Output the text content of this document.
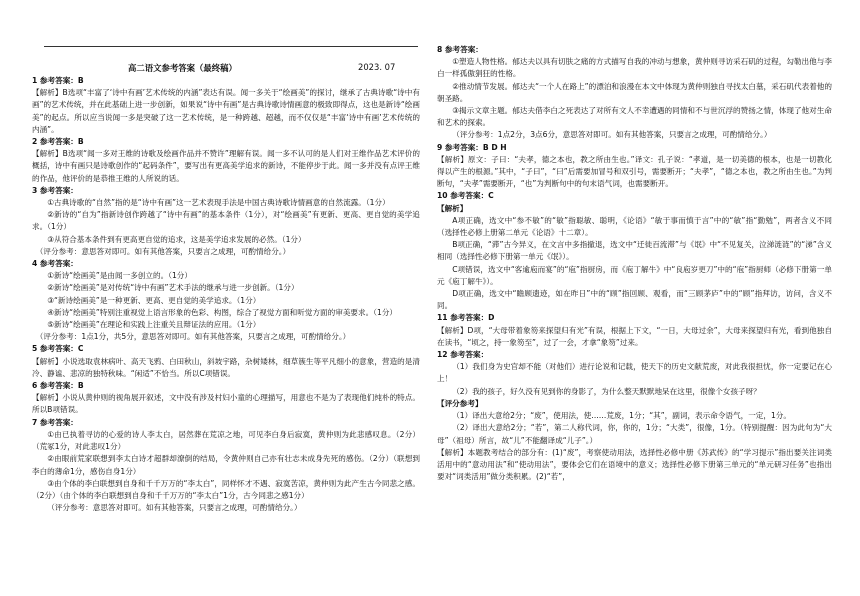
高二语文参考答案（最终稿）	2023. 07

1 参考答案：B

【解析】B选项“丰富了‘诗中有画’艺术传统的内涵”表达有误。闻一多关于“绘画美”的探讨，继承了古典诗歌“诗中有画”的艺术传统，并在此基础上进一步创新，如果说“诗中有画”是古典诗歌诗情画意的极致即得点，这也是新诗“绘画美”的起点。所以应当说闻一多是突破了这一艺术传统，是一种跨越、超越，而不仅仅是“丰富‘诗中有画’艺术传统的内涵”。

2 参考答案：B

【解析】B选项“闻一多对王维的诗歌及绘画作品并不赞许”理解有误。闻一多不认可的是人们对王维作品艺术评价的概括，诗中有画只是诗歌创作的“起码条件”，要写出有更高美学追求的新诗，不能停步于此。闻一多并没有点评王维的作品，他评价的是恭推王维的人所说的话。

3 参考答案：

①古典诗歌的“自然”指的是“诗中有画”这一艺术表现手法是中国古典诗歌诗情画意的自然流露。（1分）

②新诗的“自为”指新诗创作跨越了“诗中有画”的基本条件（1分），对“绘画美”有更新、更高、更自觉的美学追求。（1分）

③从符合基本条件到有更高更自觉的追求，这是美学追求发展的必然。（1分）

（评分参考：意思答对即可。如有其他答案，只要言之成理，可酌情给分。）

4 参考答案：

①新诗“绘画美”是由闻一多创立的。（1分）

②新诗“绘画美”是对传统“诗中有画”艺术手法的继承与进一步创新。（1分）

③“新诗绘画美”是一种更新、更高、更自觉的美学追求。（1分）

④新诗“绘画美”特别注重视觉上语言形象的色彩、构图，综合了视觉方面和听觉方面的审美要求。（1分）

⑤新诗“绘画美”在理论和实践上注重关且辩证法的应用。（1分）

（评分参考：1点1分，共5分，意思答对即可。如有其他答案，只要言之成理，可酌情给分。）

5 参考答案：C

【解析】小说选取袁林病叶、高天飞鸦、白田秋山，斜坡宇路，杂树矮林，细草簇生等平凡细小的意象，营造的是清冷、静谧、悲凉的独特秋味。“闲适”不恰当。所以C项错误。

6 参考答案：B

【解析】小说从黄仲则的视角展开叙述，文中没有涉及村妇小童的心理描写，用意也不是为了表现他们纯朴的特点。所以B项错误。

7 参考答案：

①由已执着寻访的心爱的诗人李太白，居然葬在荒凉之地，可见李白身后寂寞，黄仲则为此悲感叹息。（2分）（荒冢1分，对此悲叹1分）

②由眼前荒家联想到李太白诗才超群却潦倒的结局，令黄仲则自己亦有壮志未成身先死的感伤。（2分）（联想到李白的薄命1分，感伤自身1分）

③由个体的李白联想到自身和千千万万的“李太白”，同样怀才不遇、寂寞苦凉，黄仲则为此产生古今同悲之感。（2分）（由个体的李白联想到自身和千千万万的“李太白”1分，古今同悲之感1分）

（评分参考：意思答对即可。如有其他答案，只要言之成理，可酌情给分。）

8 参考答案：

①塑造人物性格。郁达夫以具有切肤之痛的方式描写自我的冲动与想象，黄仲则寻访采石矶的过程，勾勒出他与李白一样孤傲狷狂的性格。

②推动情节发展。郁达夫“一个人在路上”的漂泊和浪漫在本文中体现为黄仲则独自寻找太白墓，采石矶代表着他的朝圣路。

③揭示文章主题。郁达夫借李白之死表达了对所有文人不幸遭遇的同情和不与世沉浮的赞扬之情，体现了他对生命和艺术的探索。

（评分参考：1点2分，3点6分，意思答对即可。如有其他答案，只要言之成理，可酌情给分。）

9 参考答案：B D H

【解析】原文：子曰：“夫孝，德之本也，教之所由生也。”译文：孔子说：“孝道，是一切美德的根本，也是一切教化得以产生的根源。”其中，“子曰”，“曰”后需要加冒号和双引号，需要断开；“夫孝”，“德之本也，教之所由生也。”为判断句，“夫孝”需要断开，“也”为判断句中的句末语气词，也需要断开。

10 参考答案：C

【解析】

A项正确，选文中“参不敏”的“敏”指聪敏、聪明，《论语》“敏于事而慎于言”中的“敏”指“勤勉”，两者含义不同（选择性必修上册第二单元《论语》十二章）。

B项正确，“滞”古今异义，在文言中多指撤退，选文中“迁徙百流滞”与《氓》中“不见复关，泣涕涟涟”的“涕”含义相同（选择性必修下册第一单元《氓》）。

C项错误，选文中“客逾庖而宴”的“庖”指厨房，而《庖丁解牛》中“良庖岁更刀”中的“庖”指厨师（必修下册第一单元《庖丁解牛》）。

D项正确，选文中“瞻顾遗迹，如在昨日”中的“顾”指回顾、观看，而“三顾茅庐”中的“顾”指拜访，访问，含义不同。

11 参考答案：D

【解析】D项，“大母带着象笏来探望归有光”有误，根据上下文，“一日，大母过余”，大母来探望归有光，看到他独自在读书，“顷之，持一象笏至”，过了一会，才拿“象笏”过来。

12 参考答案：

（1）我们身为史官却不能（对他们）进行论说和记载，使天下的历史文献荒废，对此我很担忧，你一定要记在心上！

（2）我的孩子，好久没有见到你的身影了，为什么整天默默地呆在这里，很像个女孩子呀？

【评分参考】

（1）译出大意给2分；“废”，使用法，使……荒废，1分；“其”，副词，表示命令语气，一定，1分。

（2）译出大意给2分；“若”，第二人称代词，你，你的，1分；“大类”，很像，1分。（特别提醒：因为此句为“大母”（祖母）所言，故“儿”不能翻译成“儿子”。）

【解析】本题教考结合的部分有：(1)“废”，考察使动用法，选择性必修中册《苏武传》的“学习提示”指出要关注词类活用中的“意动用法”和“使动用法”，要体会它们在语境中的意义；选择性必修下册第三单元的“单元研习任务”也指出要对“词类活用”做分类积累。(2)“若”，
